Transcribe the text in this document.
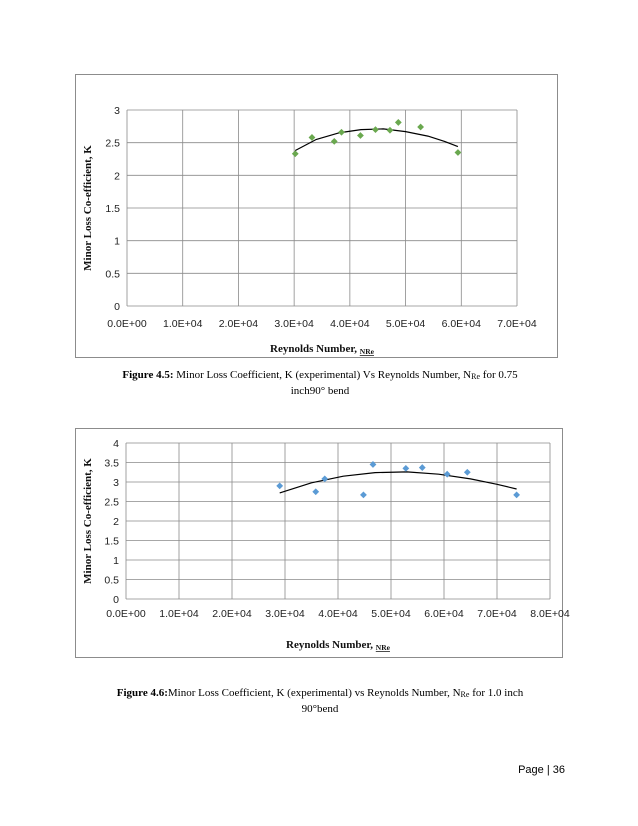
0
0.5
1
1.5
2
2.5
3
0.0E+00 1.0E+04 2.0E+04 3.0E+04 4.0E+04 5.0E+04 6.0E+04 7.0E+04
Reynolds Number, NRe
Minor Loss Co-efficient, K
Figure 4.5: Minor Loss Coefficient, K (experimental) Vs Reynolds Number, NRe for 0.75
inch90° bend
0
0.5
1
1.5
2
2.5
3
3.5
4
0.0E+00 1.0E+04 2.0E+04 3.0E+04 4.0E+04 5.0E+04 6.0E+04 7.0E+04 8.0E+04
Reynolds Number, NRe
Minor Loss Co-efficient, K
Figure 4.6:Minor Loss Coefficient, K (experimental) vs Reynolds Number, NRe for 1.0 inch
90°bend
Page | 36
